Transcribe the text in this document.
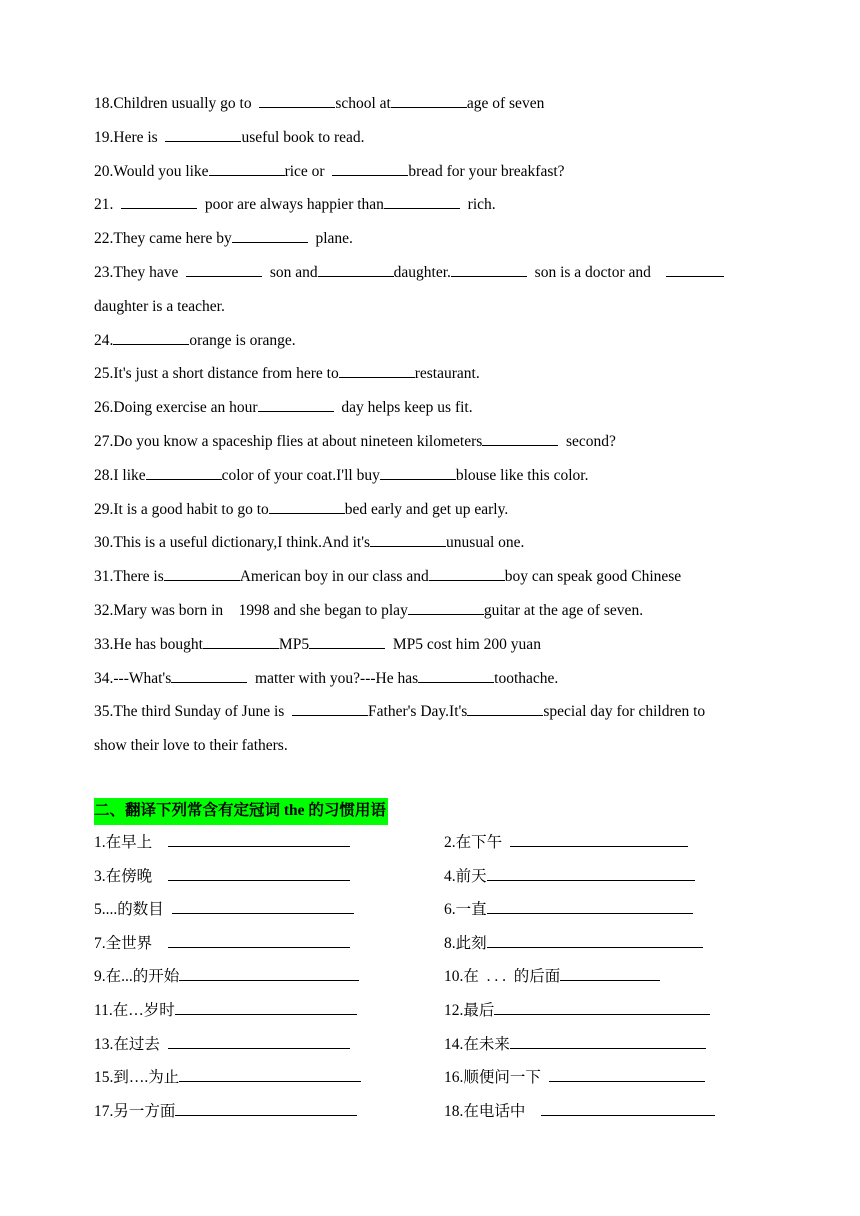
18.Children usually go to	school at	age of seven
19.Here is	useful book to read.
20.Would you like	rice or	bread for your breakfast?
21.	poor are always happier than	rich.
22.They came here by	plane.
23.They have	son and	daughter.	son is a doctor and
daughter is a teacher.
24.	orange is orange.
25.It's just a short distance from here to	restaurant.
26.Doing exercise an hour	day helps keep us fit.
27.Do you know a spaceship flies at about nineteen kilometers	second?
28.I like	color of your coat.I'll buy	blouse like this color.
29.It is a good habit to go to	bed early and get up early.
30.This is a useful dictionary,I think.And it's	unusual one.
31.There is	American boy in our class and	boy can speak good Chinese
32.Mary was born in    1998 and she began to play	guitar at the age of seven.
33.He has bought	MP5	MP5 cost him 200 yuan
34.---What's	matter with you?---He has	toothache.
35.The third Sunday of June is	Father's Day.It's	special day for children to
show their love to their fathers.
二、翻译下列常含有定冠词 the 的习惯用语
1.在早上	2.在下午
3.在傍晚	4.前天
5....的数目	6.一直
7.全世界	8.此刻
9.在...的开始	10.在  . . .  的后面
11.在…岁时	12.最后
13.在过去	14.在未来
15.到….为止	16.顺便问一下
17.另一方面	18.在电话中
